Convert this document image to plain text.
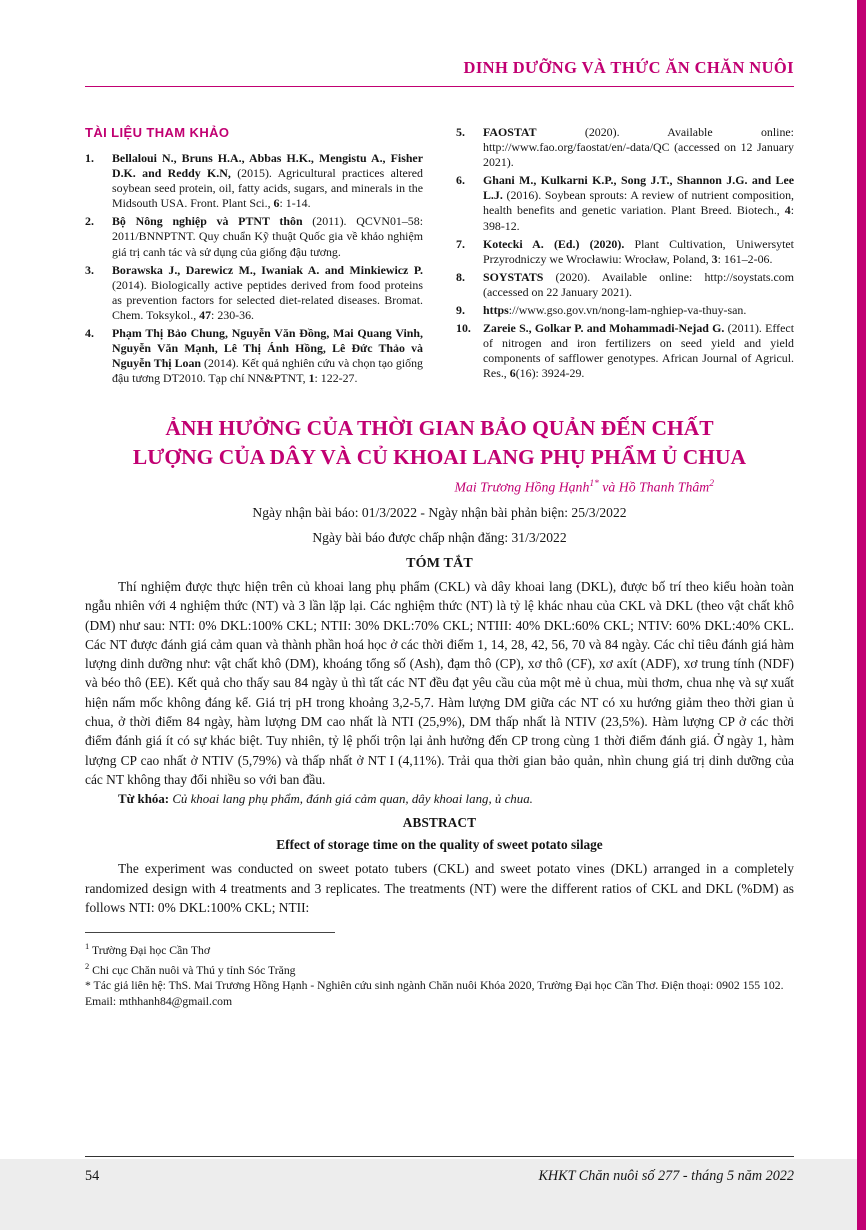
DINH DƯỠNG VÀ THỨC ĂN CHĂN NUÔI
TÀI LIỆU THAM KHẢO

1. Bellaloui N., Bruns H.A., Abbas H.K., Mengistu A., Fisher D.K. and Reddy K.N, (2015). Agricultural practices altered soybean seed protein, oil, fatty acids, sugars, and minerals in the Midsouth USA. Front. Plant Sci., 6: 1-14.

2. Bộ Nông nghiệp và PTNT thôn (2011). QCVN01–58: 2011/BNNPTNT. Quy chuẩn Kỹ thuật Quốc gia về khảo nghiệm giá trị canh tác và sử dụng của giống đậu tương.

3. Borawska J., Darewicz M., Iwaniak A. and Minkiewicz P. (2014). Biologically active peptides derived from food proteins as prevention factors for selected diet-related diseases. Bromat. Chem. Toksykol., 47: 230-36.

4. Phạm Thị Bảo Chung, Nguyễn Văn Đồng, Mai Quang Vinh, Nguyễn Văn Mạnh, Lê Thị Ánh Hồng, Lê Đức Thảo và Nguyễn Thị Loan (2014). Kết quả nghiên cứu và chọn tạo giống đậu tương DT2010. Tạp chí NN&PTNT, 1: 122-27.

5. FAOSTAT (2020). Available online: http://www.fao.org/faostat/en/-data/QC (accessed on 12 January 2021).

6. Ghani M., Kulkarni K.P., Song J.T., Shannon J.G. and Lee L.J. (2016). Soybean sprouts: A review of nutrient composition, health benefits and genetic variation. Plant Breed. Biotech., 4: 398-12.

7. Kotecki A. (Ed.) (2020). Plant Cultivation, Uniwersytet Przyrodniczy we Wrocławiu: Wrocław, Poland, 3: 161–2-06.

8. SOYSTATS (2020). Available online: http://soystats.com (accessed on 22 January 2021).

9. https://www.gso.gov.vn/nong-lam-nghiep-va-thuy-san.

10. Zareie S., Golkar P. and Mohammadi-Nejad G. (2011). Effect of nitrogen and iron fertilizers on seed yield and yield components of safflower genotypes. African Journal of Agricul. Res., 6(16): 3924-29.

ẢNH HƯỞNG CỦA THỜI GIAN BẢO QUẢN ĐẾN CHẤT
LƯỢNG CỦA DÂY VÀ CỦ KHOAI LANG PHỤ PHẨM Ủ CHUA
Mai Trương Hồng Hạnh$^{1*}$ và Hồ Thanh Thâm$^2$
Ngày nhận bài báo: 01/3/2022 - Ngày nhận bài phản biện: 25/3/2022
Ngày bài báo được chấp nhận đăng: 31/3/2022
TÓM TẮT

Thí nghiệm được thực hiện trên củ khoai lang phụ phẩm (CKL) và dây khoai lang (DKL), được bố trí theo kiểu hoàn toàn ngẫu nhiên với 4 nghiệm thức (NT) và 3 lần lặp lại. Các nghiệm thức (NT) là tỷ lệ khác nhau của CKL và DKL (theo vật chất khô (DM) như sau: NTI: 0% DKL:100% CKL; NTII: 30% DKL:70% CKL; NTIII: 40% DKL:60% CKL; NTIV: 60% DKL:40% CKL. Các NT được đánh giá cảm quan và thành phần hoá học ở các thời điểm 1, 14, 28, 42, 56, 70 và 84 ngày. Các chỉ tiêu đánh giá hàm lượng dinh dưỡng như: vật chất khô (DM), khoáng tổng số (Ash), đạm thô (CP), xơ thô (CF), xơ axít (ADF), xơ trung tính (NDF) và béo thô (EE). Kết quả cho thấy sau 84 ngày ủ thì tất các NT đều đạt yêu cầu của một mẻ ủ chua, mùi thơm, chua nhẹ và sự xuất hiện nấm mốc không đáng kể. Giá trị pH trong khoảng 3,2-5,7. Hàm lượng DM giữa các NT có xu hướng giảm theo thời gian ủ chua, ở thời điểm 84 ngày, hàm lượng DM cao nhất là NTI (25,9%), DM thấp nhất là NTIV (23,5%). Hàm lượng CP ở các thời điểm đánh giá ít có sự khác biệt. Tuy nhiên, tỷ lệ phối trộn lại ảnh hưởng đến CP trong cùng 1 thời điểm đánh giá. Ở ngày 1, hàm lượng CP cao nhất ở NTIV (5,79%) và thấp nhất ở NT I (4,11%). Trải qua thời gian bảo quản, nhìn chung giá trị dinh dưỡng của các NT không thay đổi nhiều so với ban đầu.

Từ khóa: Củ khoai lang phụ phẩm, đánh giá cảm quan, dây khoai lang, ủ chua.

ABSTRACT
Effect of storage time on the quality of sweet potato silage

The experiment was conducted on sweet potato tubers (CKL) and sweet potato vines (DKL) arranged in a completely randomized design with 4 treatments and 3 replicates. The treatments (NT) were the different ratios of CKL and DKL (%DM) as follows NTI: 0% DKL:100% CKL; NTII:

$^1$ Trường Đại học Cần Thơ

$^2$ Chi cục Chăn nuôi và Thú y tỉnh Sóc Trăng

* Tác giả liên hệ: ThS. Mai Trương Hồng Hạnh - Nghiên cứu sinh ngành Chăn nuôi Khóa 2020, Trường Đại học Cần Thơ. Điện thoại: 0902 155 102. Email: mthhanh84@gmail.com

54	KHKT Chăn nuôi số 277 - tháng 5 năm 2022
